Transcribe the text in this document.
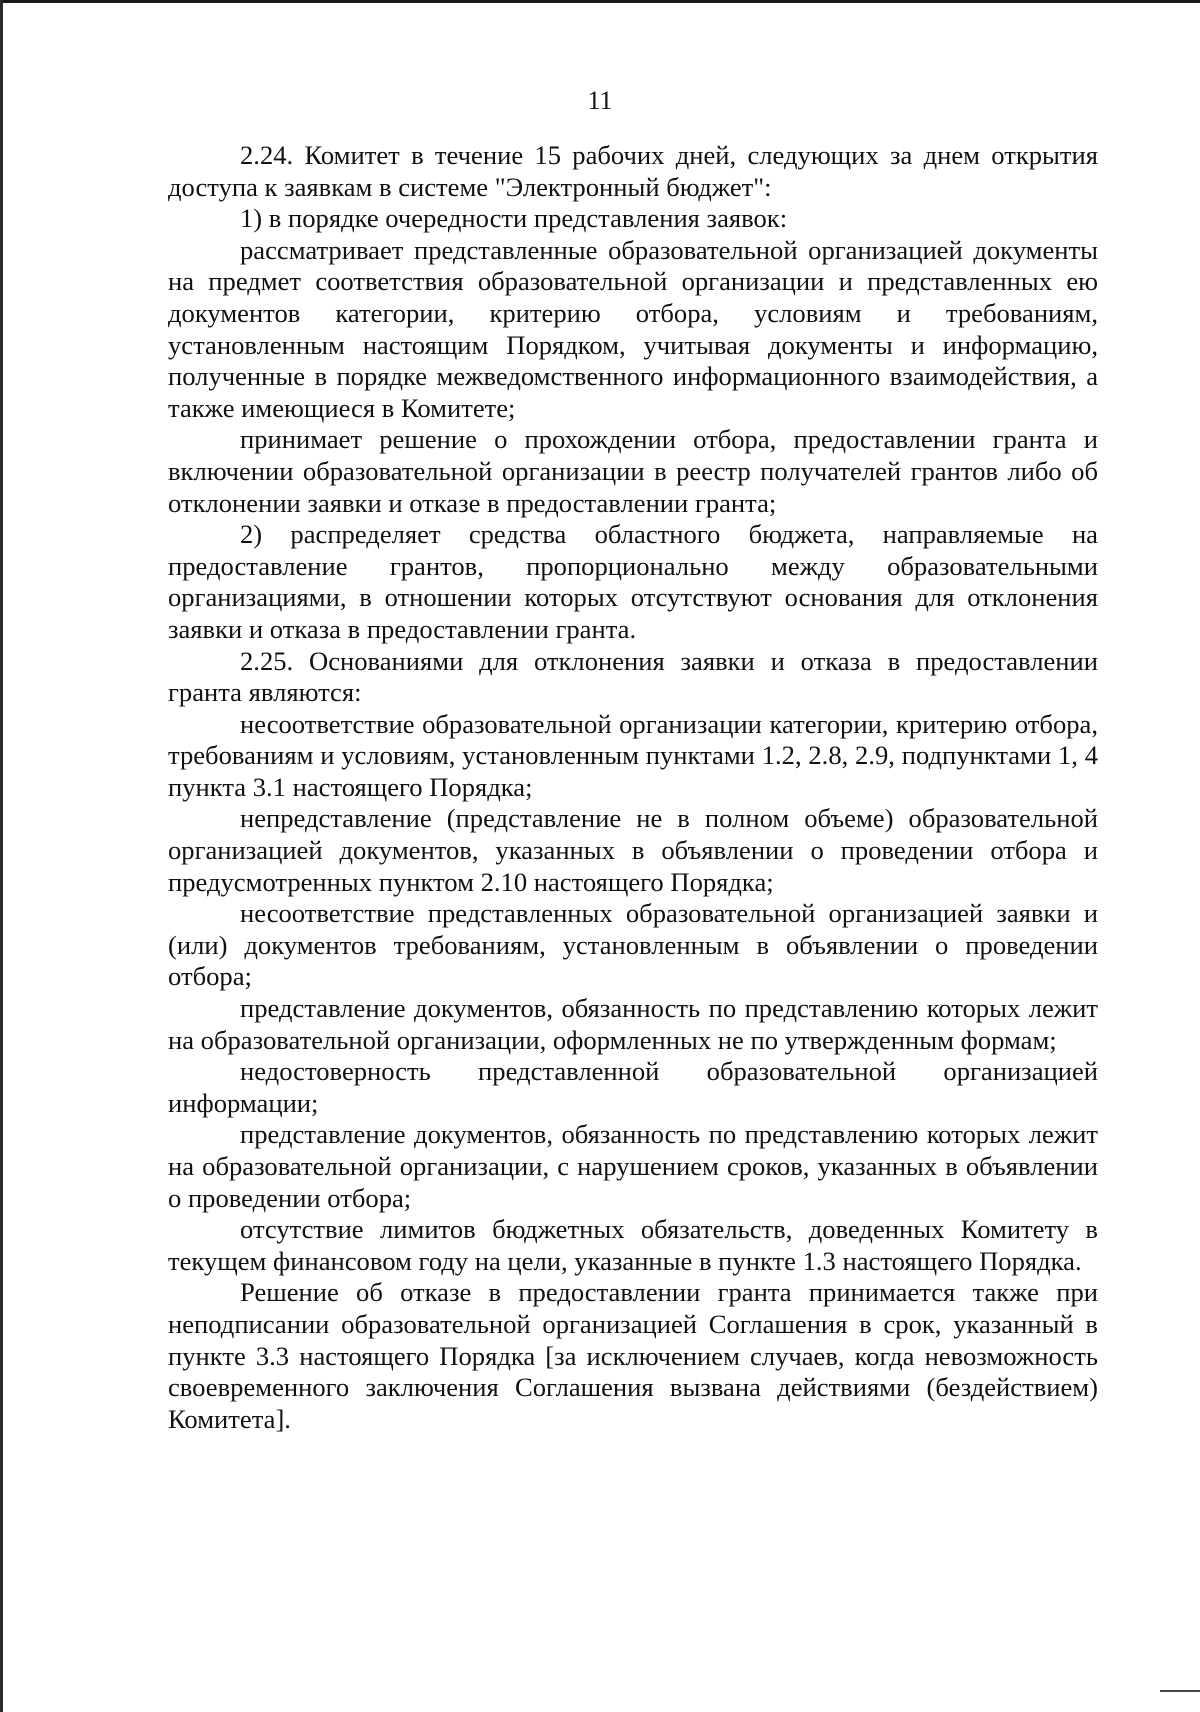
11

2.24. Комитет в течение 15 рабочих дней, следующих за днем открытия доступа к заявкам в системе "Электронный бюджет":

1) в порядке очередности представления заявок:

рассматривает представленные образовательной организацией документы на предмет соответствия образовательной организации и представленных ею документов категории, критерию отбора, условиям и требованиям, установленным настоящим Порядком, учитывая документы и информацию, полученные в порядке межведомственного информационного взаимодействия, а также имеющиеся в Комитете;

принимает решение о прохождении отбора, предоставлении гранта и включении образовательной организации в реестр получателей грантов либо об отклонении заявки и отказе в предоставлении гранта;

2) распределяет средства областного бюджета, направляемые на предоставление грантов, пропорционально между образовательными организациями, в отношении которых отсутствуют основания для отклонения заявки и отказа в предоставлении гранта.

2.25. Основаниями для отклонения заявки и отказа в предоставлении гранта являются:

несоответствие образовательной организации категории, критерию отбора, требованиям и условиям, установленным пунктами 1.2, 2.8, 2.9, подпунктами 1, 4 пункта 3.1 настоящего Порядка;

непредставление (представление не в полном объеме) образовательной организацией документов, указанных в объявлении о проведении отбора и предусмотренных пунктом 2.10 настоящего Порядка;

несоответствие представленных образовательной организацией заявки и (или) документов требованиям, установленным в объявлении о проведении отбора;

представление документов, обязанность по представлению которых лежит на образовательной организации, оформленных не по утвержденным формам;

недостоверность представленной образовательной организацией информации;

представление документов, обязанность по представлению которых лежит на образовательной организации, с нарушением сроков, указанных в объявлении о проведении отбора;

отсутствие лимитов бюджетных обязательств, доведенных Комитету в текущем финансовом году на цели, указанные в пункте 1.3 настоящего Порядка.

Решение об отказе в предоставлении гранта принимается также при неподписании образовательной организацией Соглашения в срок, указанный в пункте 3.3 настоящего Порядка [за исключением случаев, когда невозможность своевременного заключения Соглашения вызвана действиями (бездействием) Комитета].
